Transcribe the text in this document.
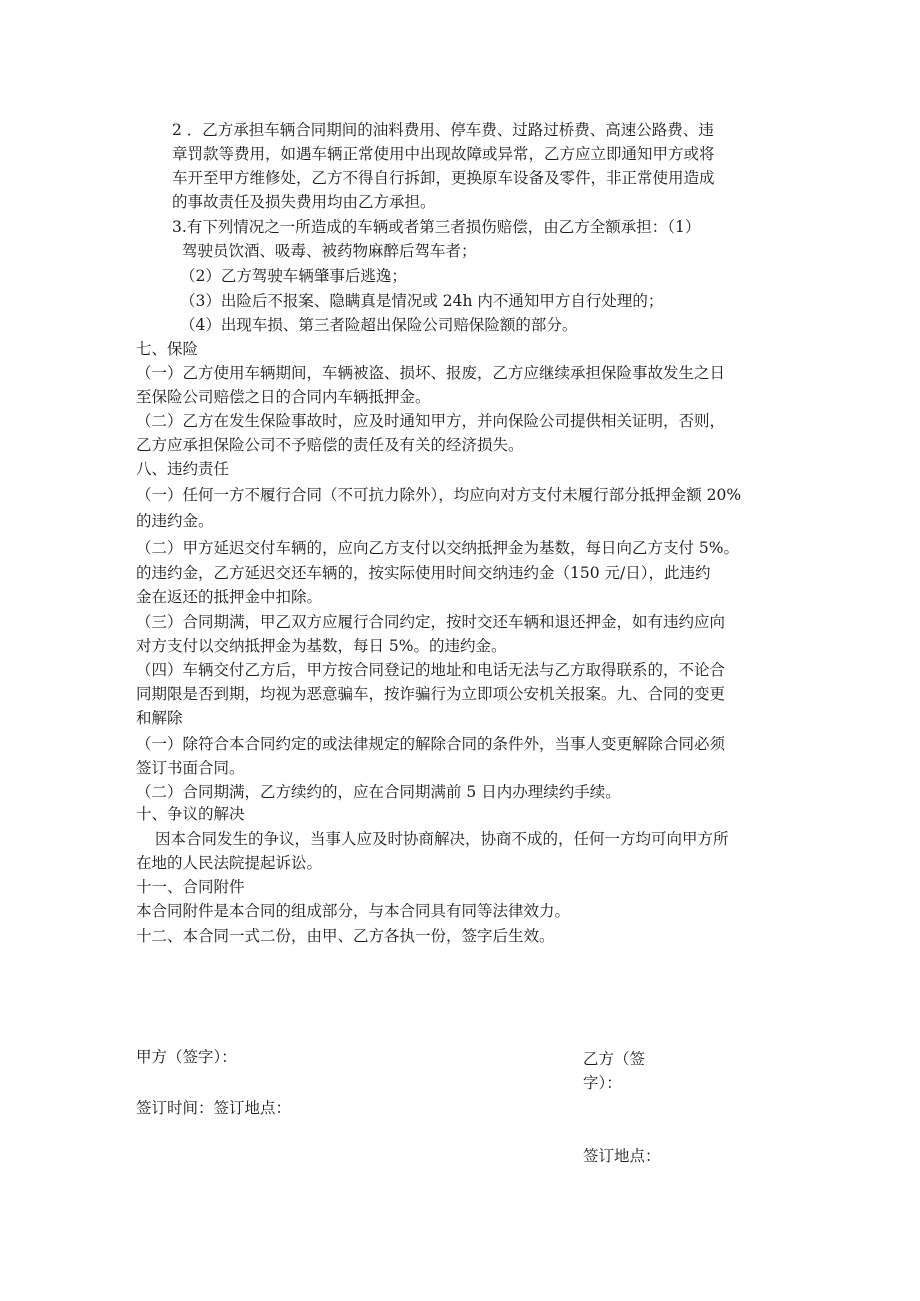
2 ．乙方承担车辆合同期间的油料费用、停车费、过路过桥费、高速公路费、违
章罚款等费用，如遇车辆正常使用中出现故障或异常，乙方应立即通知甲方或将
车开至甲方维修处，乙方不得自行拆卸，更换原车设备及零件，非正常使用造成
的事故责任及损失费用均由乙方承担。
3.有下列情况之一所造成的车辆或者第三者损伤赔偿，由乙方全额承担：（1）
驾驶员饮酒、吸毒、被药物麻醉后驾车者；
（2）乙方驾驶车辆肇事后逃逸；
（3）出险后不报案、隐瞒真是情况或 24h 内不通知甲方自行处理的；
（4）出现车损、第三者险超出保险公司赔保险额的部分。
七、保险
（一）乙方使用车辆期间，车辆被盗、损坏、报废，乙方应继续承担保险事故发生之日
至保险公司赔偿之日的合同内车辆抵押金。
（二）乙方在发生保险事故时，应及时通知甲方，并向保险公司提供相关证明，否则，
乙方应承担保险公司不予赔偿的责任及有关的经济损失。
八、违约责任
（一）任何一方不履行合同（不可抗力除外），均应向对方支付未履行部分抵押金额 20%
的违约金。
（二）甲方延迟交付车辆的，应向乙方支付以交纳抵押金为基数，每日向乙方支付 5%。
的违约金，乙方延迟交还车辆的，按实际使用时间交纳违约金（150 元/日），此违约
金在返还的抵押金中扣除。
（三）合同期满，甲乙双方应履行合同约定，按时交还车辆和退还押金，如有违约应向
对方支付以交纳抵押金为基数，每日 5%。的违约金。
（四）车辆交付乙方后，甲方按合同登记的地址和电话无法与乙方取得联系的，不论合
同期限是否到期，均视为恶意骗车，按诈骗行为立即项公安机关报案。九、合同的变更
和解除
（一）除符合本合同约定的或法律规定的解除合同的条件外，当事人变更解除合同必须
签订书面合同。
（二）合同期满，乙方续约的，应在合同期满前 5 日内办理续约手续。
十、争议的解决
因本合同发生的争议，当事人应及时协商解决，协商不成的，任何一方均可向甲方所
在地的人民法院提起诉讼。
十一、合同附件
本合同附件是本合同的组成部分，与本合同具有同等法律效力。
十二、本合同一式二份，由甲、乙方各执一份，签字后生效。
甲方（签字）：	乙方（签
字）：
签订时间：签订地点：
签订地点：
